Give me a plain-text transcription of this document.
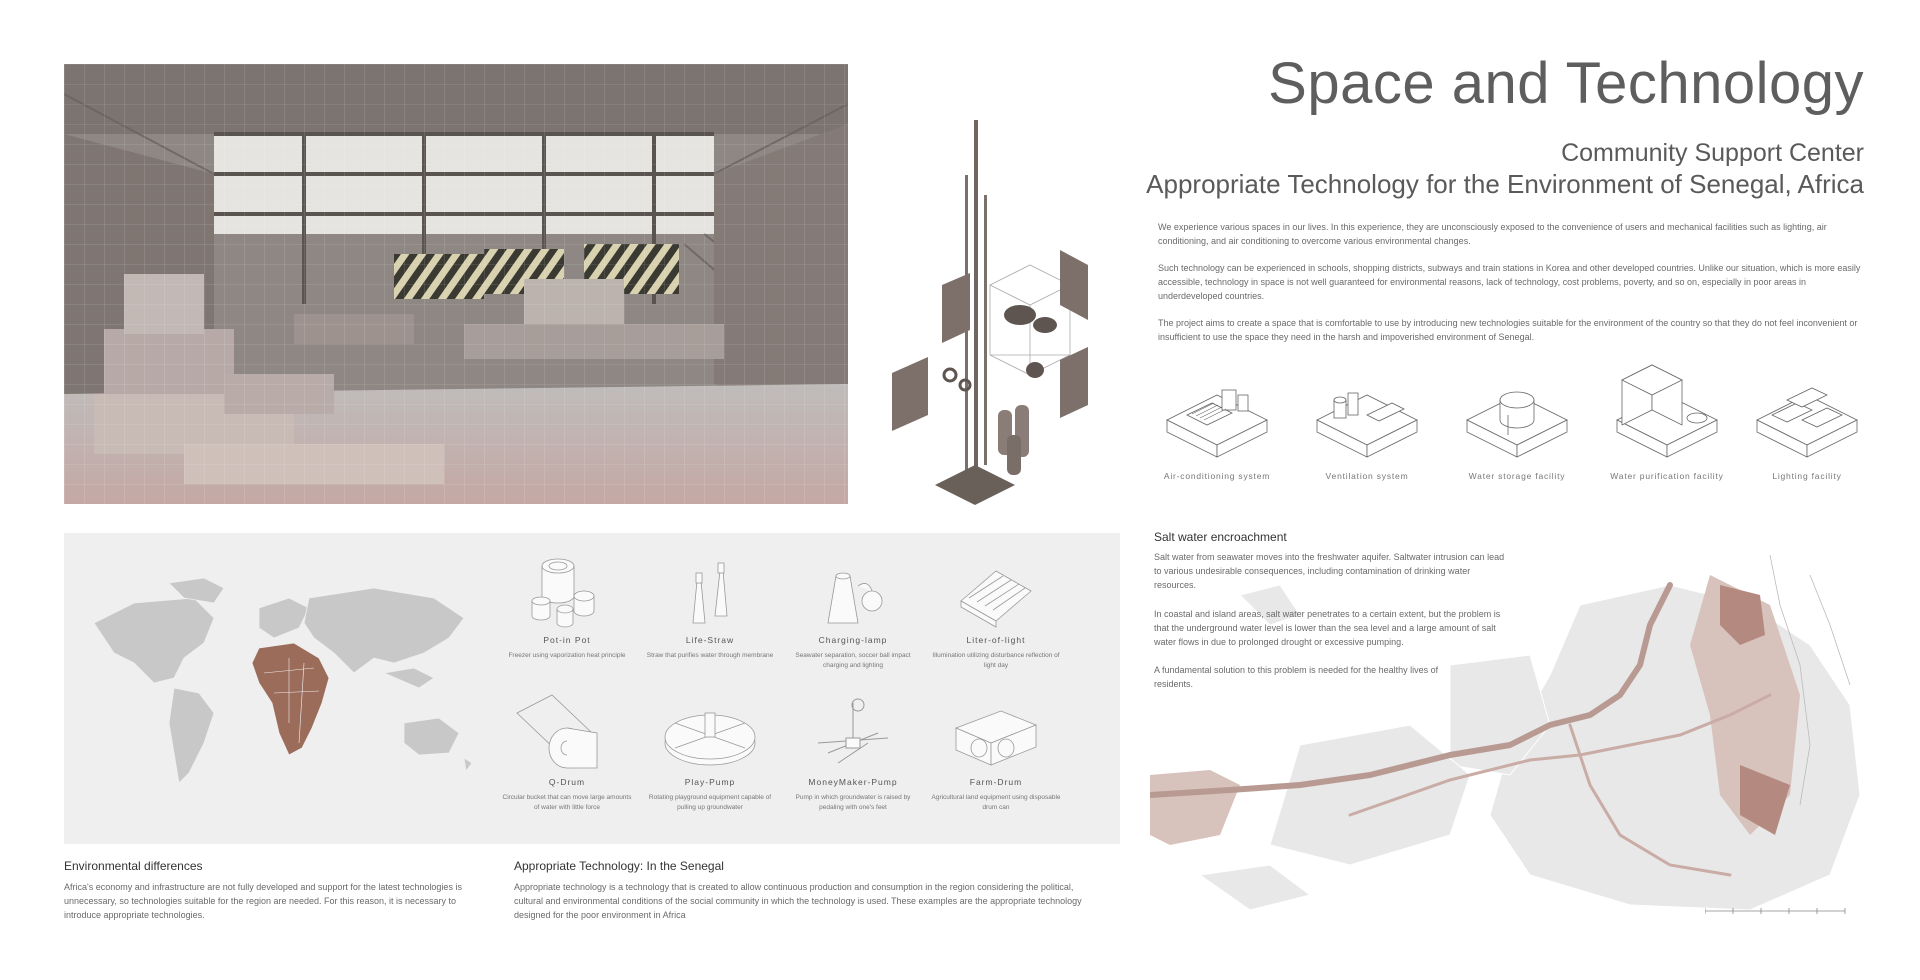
Space and Technology
Community Support Center
Appropriate Technology for the Environment of Senegal, Africa
We experience various spaces in our lives. In this experience, they are unconsciously exposed to the convenience of users and mechanical facilities such as lighting, air conditioning, and air conditioning to overcome various environmental changes.
Such technology can be experienced in schools, shopping districts, subways and train stations in Korea and other developed countries. Unlike our situation, which is more easily accessible, technology in space is not well guaranteed for environmental reasons, lack of technology, cost problems, poverty, and so on, especially in poor areas in underdeveloped countries.
The project aims to create a space that is comfortable to use by introducing new technologies suitable for the environment of the country so that they do not feel inconvenient or insufficient to use the space they need in the harsh and impoverished environment of Senegal.
Air-conditioning system	Ventilation system	Water storage facility	Water purification facility	Lighting facility
Pot-in Pot
Freezer using vaporization heat principle
Life-Straw
Straw that purifies water through membrane
Charging-lamp
Seawater separation, soccer ball impact charging and lighting
Liter-of-light
Illumination utilizing disturbance reflection of light day
Q-Drum
Circular bucket that can move large amounts of water with little force
Play-Pump
Rotating playground equipment capable of pulling up groundwater
MoneyMaker-Pump
Pump in which groundwater is raised by pedaling with one's feet
Farm-Drum
Agricultural land equipment using disposable drum can
Environmental differences
Africa's economy and infrastructure are not fully developed and support for the latest technologies is unnecessary, so technologies suitable for the region are needed. For this reason, it is necessary to introduce appropriate technologies.
Appropriate Technology: In the Senegal
Appropriate technology is a technology that is created to allow continuous production and consumption in the region considering the political, cultural and environmental conditions of the social community in which the technology is used. These examples are the appropriate technology designed for the poor environment in Africa
Salt water encroachment
Salt water from seawater moves into the freshwater aquifer. Saltwater intrusion can lead to various undesirable consequences, including contamination of drinking water resources.
In coastal and island areas, salt water penetrates to a certain extent, but the problem is that the underground water level is lower than the sea level and a large amount of salt water flows in due to prolonged drought or excessive pumping.
A fundamental solution to this problem is needed for the healthy lives of residents.
